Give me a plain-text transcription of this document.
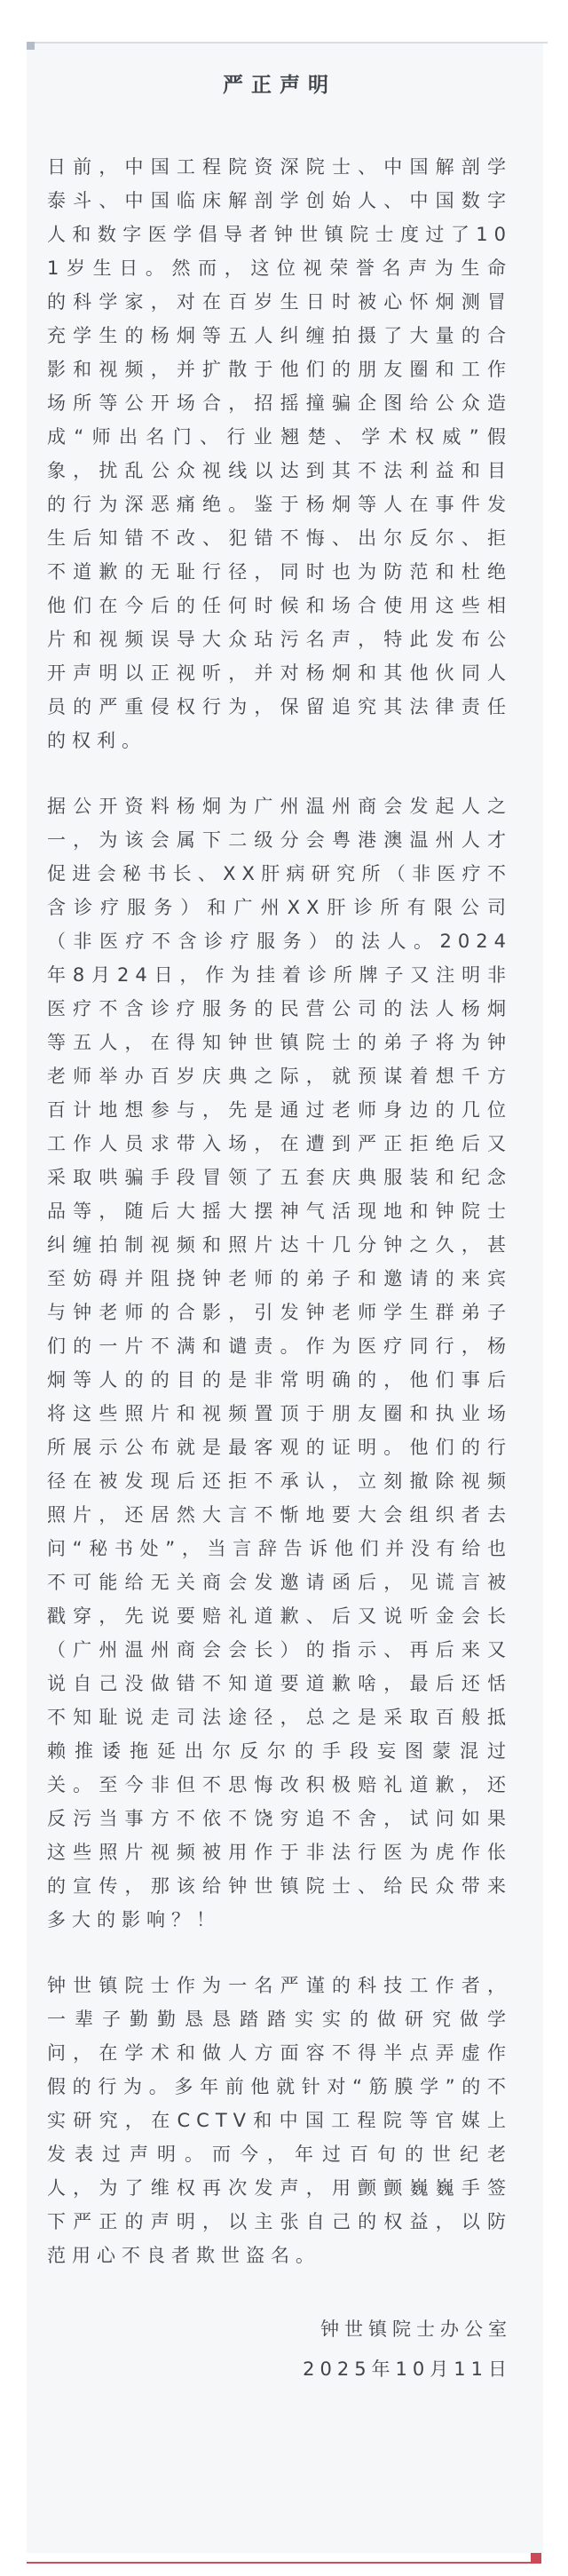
严正声明

日前，中国工程院资深院士、中国解剖学泰斗、中国临床解剖学创始人、中国数字人和数字医学倡导者钟世镇院士度过了101岁生日。然而，这位视荣誉名声为生命的科学家，对在百岁生日时被心怀炯测冒充学生的杨炯等五人纠缠拍摄了大量的合影和视频，并扩散于他们的朋友圈和工作场所等公开场合，招摇撞骗企图给公众造成“师出名门、行业翘楚、学术权威”假象，扰乱公众视线以达到其不法利益和目的行为深恶痛绝。鉴于杨炯等人在事件发生后知错不改、犯错不悔、出尔反尔、拒不道歉的无耻行径，同时也为防范和杜绝他们在今后的任何时候和场合使用这些相片和视频误导大众玷污名声，特此发布公开声明以正视听，并对杨炯和其他伙同人员的严重侵权行为，保留追究其法律责任的权利。

据公开资料杨炯为广州温州商会发起人之一，为该会属下二级分会粤港澳温州人才促进会秘书长、XX肝病研究所（非医疗不含诊疗服务）和广州XX肝诊所有限公司（非医疗不含诊疗服务）的法人。2024年8月24日，作为挂着诊所牌子又注明非医疗不含诊疗服务的民营公司的法人杨炯等五人，在得知钟世镇院士的弟子将为钟老师举办百岁庆典之际，就预谋着想千方百计地想参与，先是通过老师身边的几位工作人员求带入场，在遭到严正拒绝后又采取哄骗手段冒领了五套庆典服装和纪念品等，随后大摇大摆神气活现地和钟院士纠缠拍制视频和照片达十几分钟之久，甚至妨碍并阻挠钟老师的弟子和邀请的来宾与钟老师的合影，引发钟老师学生群弟子们的一片不满和谴责。作为医疗同行，杨炯等人的的目的是非常明确的，他们事后将这些照片和视频置顶于朋友圈和执业场所展示公布就是最客观的证明。他们的行径在被发现后还拒不承认，立刻撤除视频照片，还居然大言不惭地要大会组织者去问“秘书处”，当言辞告诉他们并没有给也不可能给无关商会发邀请函后，见谎言被戳穿，先说要赔礼道歉、后又说听金会长（广州温州商会会长）的指示、再后来又说自己没做错不知道要道歉啥，最后还恬不知耻说走司法途径，总之是采取百般抵赖推诿拖延出尔反尔的手段妄图蒙混过关。至今非但不思悔改积极赔礼道歉，还反污当事方不依不饶穷追不舍，试问如果这些照片视频被用作于非法行医为虎作伥的宣传，那该给钟世镇院士、给民众带来多大的影响？！

钟世镇院士作为一名严谨的科技工作者，一辈子勤勤恳恳踏踏实实的做研究做学问，在学术和做人方面容不得半点弄虚作假的行为。多年前他就针对“筋膜学”的不实研究，在CCTV和中国工程院等官媒上发表过声明。而今，年过百旬的世纪老人，为了维权再次发声，用颤颤巍巍手签下严正的声明，以主张自己的权益，以防范用心不良者欺世盗名。

钟世镇院士办公室
2025年10月11日
